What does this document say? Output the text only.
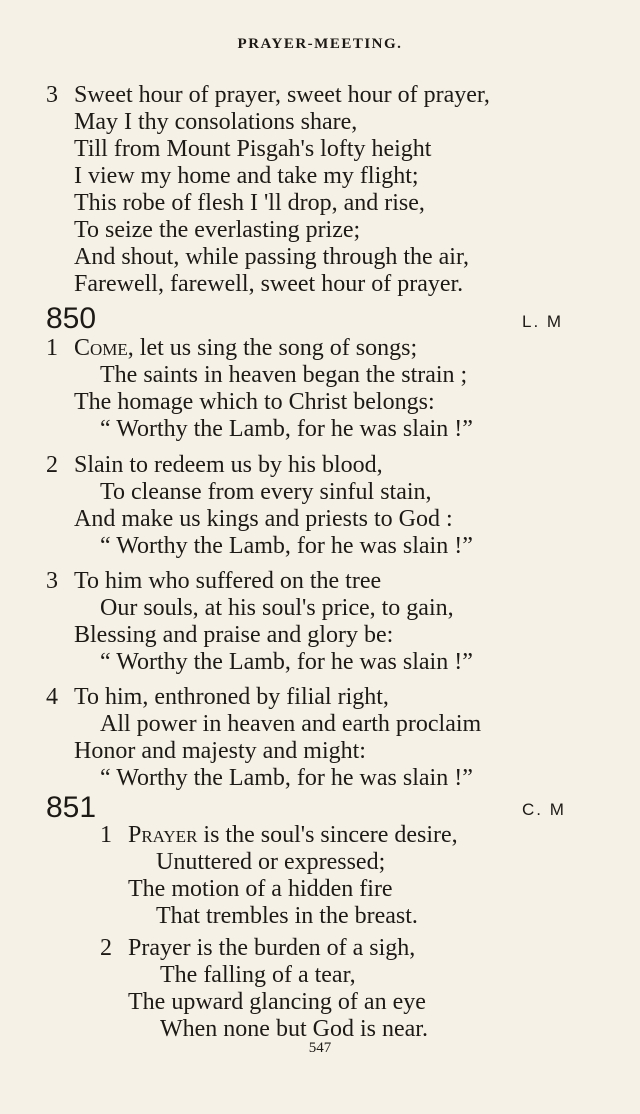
PRAYER-MEETING.
3 Sweet hour of prayer, sweet hour of prayer,
May I thy consolations share,
Till from Mount Pisgah's lofty height
I view my home and take my flight;
This robe of flesh I 'll drop, and rise,
To seize the everlasting prize;
And shout, while passing through the air,
Farewell, farewell, sweet hour of prayer.
850	L. M
1 Come, let us sing the song of songs;
The saints in heaven began the strain ;
The homage which to Christ belongs:
“ Worthy the Lamb, for he was slain !”
2 Slain to redeem us by his blood,
To cleanse from every sinful stain,
And make us kings and priests to God :
“ Worthy the Lamb, for he was slain !”
3 To him who suffered on the tree
Our souls, at his soul's price, to gain,
Blessing and praise and glory be:
“ Worthy the Lamb, for he was slain !”
4 To him, enthroned by filial right,
All power in heaven and earth proclaim
Honor and majesty and might:
“ Worthy the Lamb, for he was slain !”
851	C. M
1 Prayer is the soul's sincere desire,
Unuttered or expressed;
The motion of a hidden fire
That trembles in the breast.
2 Prayer is the burden of a sigh,
The falling of a tear,
The upward glancing of an eye
When none but God is near.
547
